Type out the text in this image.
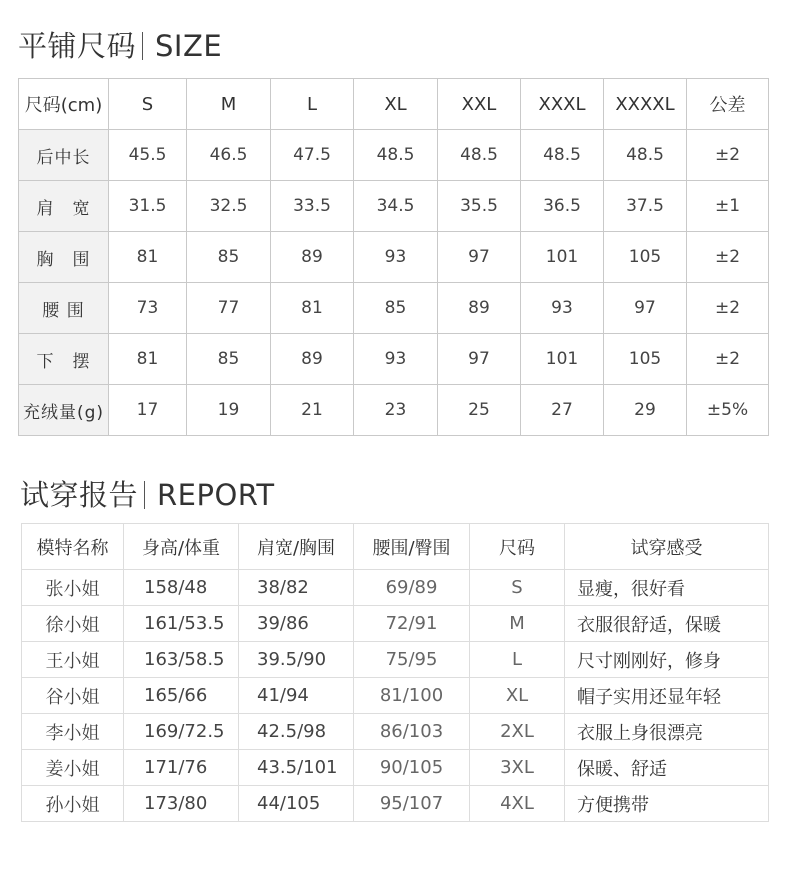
平铺尺码 SIZE
尺码(cm)	S	M	L	XL	XXL	XXXL	XXXXL	公差
后中长	45.5	46.5	47.5	48.5	48.5	48.5	48.5	±2
肩　宽	31.5	32.5	33.5	34.5	35.5	36.5	37.5	±1
胸　围	81	85	89	93	97	101	105	±2
腰 围	73	77	81	85	89	93	97	±2
下　摆	81	85	89	93	97	101	105	±2
充绒量(g)	17	19	21	23	25	27	29	±5%
试穿报告 REPORT
模特名称	身高/体重	肩宽/胸围	腰围/臀围	尺码	试穿感受
张小姐	158/48	38/82	69/89	S	显瘦，很好看
徐小姐	161/53.5	39/86	72/91	M	衣服很舒适，保暖
王小姐	163/58.5	39.5/90	75/95	L	尺寸刚刚好，修身
谷小姐	165/66	41/94	81/100	XL	帽子实用还显年轻
李小姐	169/72.5	42.5/98	86/103	2XL	衣服上身很漂亮
姜小姐	171/76	43.5/101	90/105	3XL	保暖、舒适
孙小姐	173/80	44/105	95/107	4XL	方便携带
